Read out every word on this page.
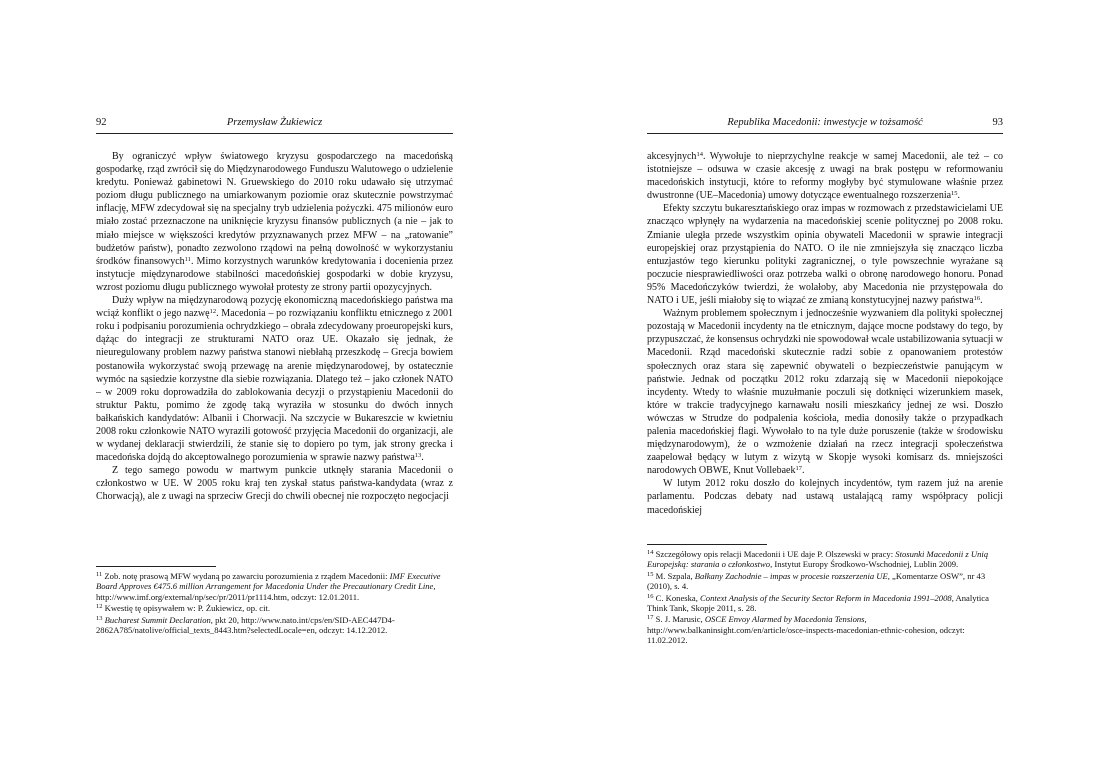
92	Przemysław Żukiewicz

By ograniczyć wpływ światowego kryzysu gospodarczego na macedońską gospodarkę, rząd zwrócił się do Międzynarodowego Funduszu Walutowego o udzielenie kredytu. Ponieważ gabinetowi N. Gruewskiego do 2010 roku udawało się utrzymać poziom długu publicznego na umiarkowanym poziomie oraz skutecznie powstrzymać inflację, MFW zdecydował się na specjalny tryb udzielenia pożyczki. 475 milionów euro miało zostać przeznaczone na uniknięcie kryzysu finansów publicznych (a nie – jak to miało miejsce w większości kredytów przyznawanych przez MFW – na „ratowanie” budżetów państw), ponadto zezwolono rządowi na pełną dowolność w wykorzystaniu środków finansowych$^{11}$. Mimo korzystnych warunków kredytowania i docenienia przez instytucje międzynarodowe stabilności macedońskiej gospodarki w dobie kryzysu, wzrost poziomu długu publicznego wywołał protesty ze strony partii opozycyjnych.

Duży wpływ na międzynarodową pozycję ekonomiczną macedońskiego państwa ma wciąż konflikt o jego nazwę$^{12}$. Macedonia – po rozwiązaniu konfliktu etnicznego z 2001 roku i podpisaniu porozumienia ochrydzkiego – obrała zdecydowany proeuropejski kurs, dążąc do integracji ze strukturami NATO oraz UE. Okazało się jednak, że nieuregulowany problem nazwy państwa stanowi niebłahą przeszkodę – Grecja bowiem postanowiła wykorzystać swoją przewagę na arenie międzynarodowej, by ostatecznie wymóc na sąsiedzie korzystne dla siebie rozwiązania. Dlatego też – jako członek NATO – w 2009 roku doprowadziła do zablokowania decyzji o przystąpieniu Macedonii do struktur Paktu, pomimo że zgodę taką wyraziła w stosunku do dwóch innych bałkańskich kandydatów: Albanii i Chorwacji. Na szczycie w Bukareszcie w kwietniu 2008 roku członkowie NATO wyrazili gotowość przyjęcia Macedonii do organizacji, ale w wydanej deklaracji stwierdzili, że stanie się to dopiero po tym, jak strony grecka i macedońska dojdą do akceptowalnego porozumienia w sprawie nazwy państwa$^{13}$.

Z tego samego powodu w martwym punkcie utknęły starania Macedonii o członkostwo w UE. W 2005 roku kraj ten zyskał status państwa-kandydata (wraz z Chorwacją), ale z uwagi na sprzeciw Grecji do chwili obecnej nie rozpoczęto negocjacji

$^{11}$ Zob. notę prasową MFW wydaną po zawarciu porozumienia z rządem Macedonii: IMF Executive Board Approves €475.6 million Arrangement for Macedonia Under the Precautionary Credit Line, http://www.imf.org/external/np/sec/pr/2011/pr1114.htm, odczyt: 12.01.2011.
$^{12}$ Kwestię tę opisywałem w: P. Żukiewicz, op. cit.
$^{13}$ Bucharest Summit Declaration, pkt 20, http://www.nato.int/cps/en/SID-AEC447D4-2862A785/natolive/official_texts_8443.htm?selectedLocale=en, odczyt: 14.12.2012.
Republika Macedonii: inwestycje w tożsamość	93

akcesyjnych$^{14}$. Wywołuje to nieprzychylne reakcje w samej Macedonii, ale też – co istotniejsze – odsuwa w czasie akcesję z uwagi na brak postępu w reformowaniu macedońskich instytucji, które to reformy mogłyby być stymulowane właśnie przez dwustronne (UE–Macedonia) umowy dotyczące ewentualnego rozszerzenia$^{15}$.

Efekty szczytu bukaresztańskiego oraz impas w rozmowach z przedstawicielami UE znacząco wpłynęły na wydarzenia na macedońskiej scenie politycznej po 2008 roku. Zmianie uległa przede wszystkim opinia obywateli Macedonii w sprawie integracji europejskiej oraz przystąpienia do NATO. O ile nie zmniejszyła się znacząco liczba entuzjastów tego kierunku polityki zagranicznej, o tyle powszechnie wyrażane są poczucie niesprawiedliwości oraz potrzeba walki o obronę narodowego honoru. Ponad 95% Macedończyków twierdzi, że wolałoby, aby Macedonia nie przystępowała do NATO i UE, jeśli miałoby się to wiązać ze zmianą konstytucyjnej nazwy państwa$^{16}$.

Ważnym problemem społecznym i jednocześnie wyzwaniem dla polityki społecznej pozostają w Macedonii incydenty na tle etnicznym, dające mocne podstawy do tego, by przypuszczać, że konsensus ochrydzki nie spowodował wcale ustabilizowania sytuacji w Macedonii. Rząd macedoński skutecznie radzi sobie z opanowaniem protestów społecznych oraz stara się zapewnić obywateli o bezpieczeństwie panującym w państwie. Jednak od początku 2012 roku zdarzają się w Macedonii niepokojące incydenty. Wtedy to właśnie muzułmanie poczuli się dotknięci wizerunkiem masek, które w trakcie tradycyjnego karnawału nosili mieszkańcy jednej ze wsi. Doszło wówczas w Strudze do podpalenia kościoła, media donosiły także o przypadkach palenia macedońskiej flagi. Wywołało to na tyle duże poruszenie (także w środowisku międzynarodowym), że o wzmożenie działań na rzecz integracji społeczeństwa zaapelował będący w lutym z wizytą w Skopje wysoki komisarz ds. mniejszości narodowych OBWE, Knut Vollebaek$^{17}$.

W lutym 2012 roku doszło do kolejnych incydentów, tym razem już na arenie parlamentu. Podczas debaty nad ustawą ustalającą ramy współpracy policji macedońskiej

$^{14}$ Szczegółowy opis relacji Macedonii i UE daje P. Olszewski w pracy: Stosunki Macedonii z Unią Europejską: starania o członkostwo, Instytut Europy Środkowo-Wschodniej, Lublin 2009.
$^{15}$ M. Szpala, Bałkany Zachodnie – impas w procesie rozszerzenia UE, „Komentarze OSW”, nr 43 (2010), s. 4.
$^{16}$ C. Koneska, Context Analysis of the Security Sector Reform in Macedonia 1991–2008, Analytica Think Tank, Skopje 2011, s. 28.
$^{17}$ S. J. Marusic, OSCE Envoy Alarmed by Macedonia Tensions, http://www.balkaninsight.com/en/article/osce-inspects-macedonian-ethnic-cohesion, odczyt: 11.02.2012.
